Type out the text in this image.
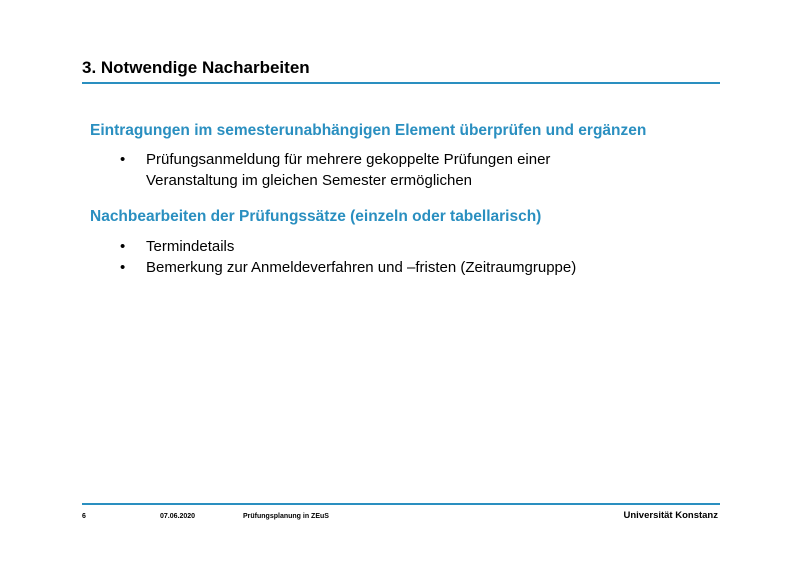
3. Notwendige Nacharbeiten
Eintragungen im semesterunabhängigen Element überprüfen und ergänzen
• Prüfungsanmeldung für mehrere gekoppelte Prüfungen einer
Veranstaltung im gleichen Semester ermöglichen
Nachbearbeiten der Prüfungssätze (einzeln oder tabellarisch)
• Termindetails
• Bemerkung zur Anmeldeverfahren und –fristen (Zeitraumgruppe)
6	07.06.2020	Prüfungsplanung in ZEuS	Universität Konstanz
